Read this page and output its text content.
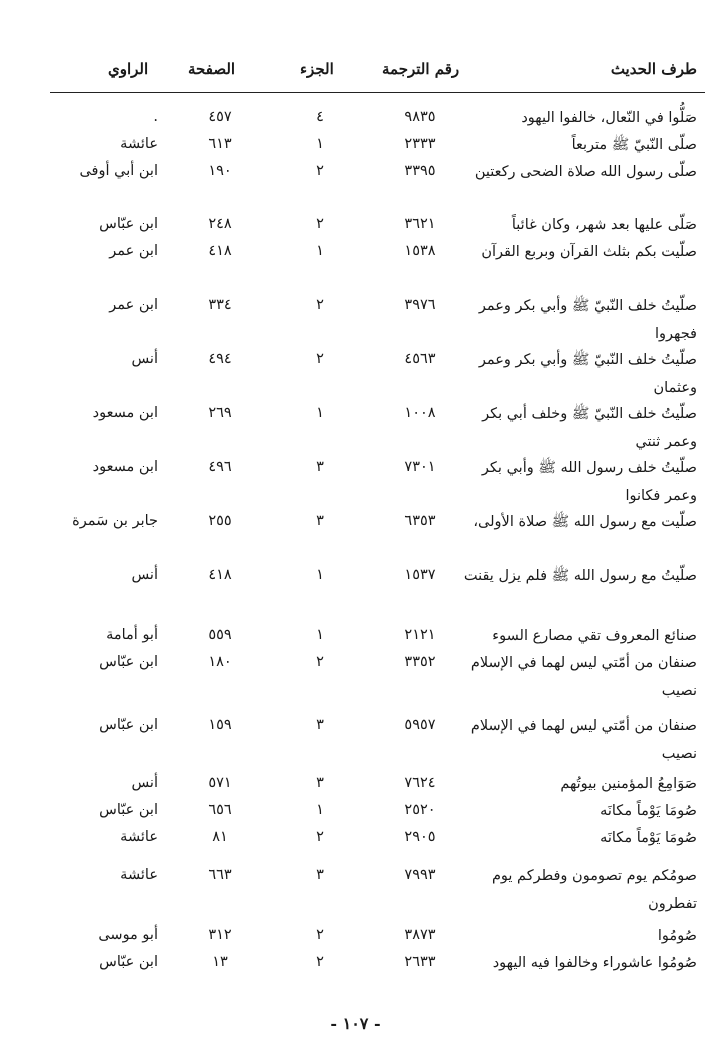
طرف الحديث
رقم الترجمة
الجزء
الصفحة
الراوي
صَلُّوا في النّعال، خالفوا اليهود
٩٨٣٥
٤
٤٥٧
.
صلّى النّبيّ ﷺ متربعاً
٢٣٣٣
١
٦١٣
عائشة
صلّى رسول الله صلاة الضحى ركعتين
٣٣٩٥
٢
١٩٠
ابن أبي أوفى
صَلّى عليها بعد شهر، وكان غائباً
٣٦٢١
٢
٢٤٨
ابن عبّاس
صلّيت بكم بثلث القرآن وبربع القرآن
١٥٣٨
١
٤١٨
ابن عمر
صلّيتُ خلف النّبيّ ﷺ وأبي بكر وعمر فجهروا
٣٩٧٦
٢
٣٣٤
ابن عمر
صلّيتُ خلف النّبيّ ﷺ وأبي بكر وعمر وعثمان
٤٥٦٣
٢
٤٩٤
أنس
صلّيتُ خلف النّبيّ ﷺ وخلف أبي بكر وعمر ثنتي
١٠٠٨
١
٢٦٩
ابن مسعود
صلّيتُ خلف رسول الله ﷺ وأبي بكر وعمر فكانوا
٧٣٠١
٣
٤٩٦
ابن مسعود
صلّيت مع رسول الله ﷺ صلاة الأولى،
٦٣٥٣
٣
٢٥٥
جابر بن سَمرة
صلّيتُ مع رسول الله ﷺ فلم يزل يقنت
١٥٣٧
١
٤١٨
أنس
صنائع المعروف تقي مصارع السوء
٢١٢١
١
٥٥٩
أبو أمامة
صنفان من أمّتي ليس لهما في الإسلام نصيب
٣٣٥٢
٢
١٨٠
ابن عبّاس
صنفان من أمّتي ليس لهما في الإسلام نصيب
٥٩٥٧
٣
١٥٩
ابن عبّاس
صَوَامِعُ المؤمنين بيوتُهم
٧٦٢٤
٣
٥٧١
أنس
صُومَا يَوْماً مكانَه
٢٥٢٠
١
٦٥٦
ابن عبّاس
صُومَا يَوْماً مكانَه
٢٩٠٥
٢
٨١
عائشة
صومُكم يوم تصومون وفطركم يوم تفطرون
٧٩٩٣
٣
٦٦٣
عائشة
صُومُوا
٣٨٧٣
٢
٣١٢
أبو موسى
صُومُوا عاشوراء وخالفوا فيه اليهود
٢٦٣٣
٢
١٣
ابن عبّاس
- ١٠٧ -
